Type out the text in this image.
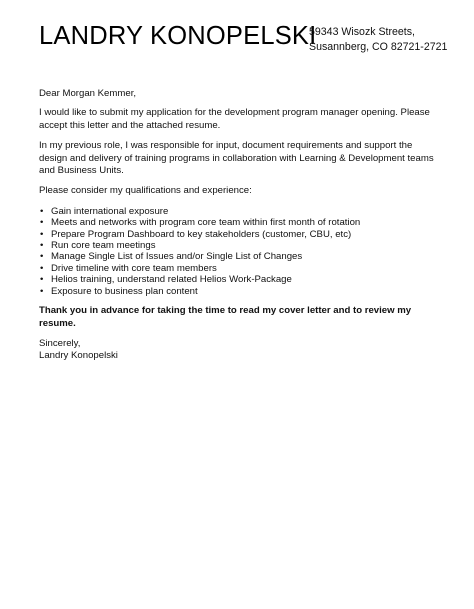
LANDRY KONOPELSKI
59343 Wisozk Streets,
Susannberg, CO 82721-2721

Dear Morgan Kemmer,

I would like to submit my application for the development program manager opening. Please accept this letter and the attached resume.

In my previous role, I was responsible for input, document requirements and support the design and delivery of training programs in collaboration with Learning & Development teams and Business Units.

Please consider my qualifications and experience:

• Gain international exposure
• Meets and networks with program core team within first month of rotation
• Prepare Program Dashboard to key stakeholders (customer, CBU, etc)
• Run core team meetings
• Manage Single List of Issues and/or Single List of Changes
• Drive timeline with core team members
• Helios training, understand related Helios Work-Package
• Exposure to business plan content

Thank you in advance for taking the time to read my cover letter and to review my resume.

Sincerely,
Landry Konopelski
